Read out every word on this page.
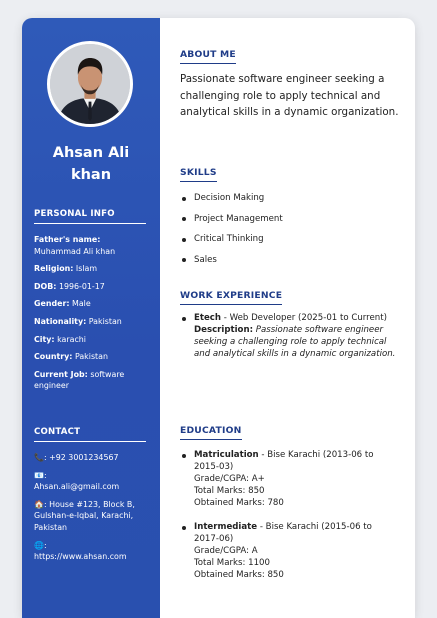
Ahsan Ali khan
PERSONAL INFO
Father's name:
Muhammad Ali khan
Religion: Islam
DOB: 1996-01-17
Gender: Male
Nationality: Pakistan
City: karachi
Country: Pakistan
Current Job: software engineer
CONTACT
📞: +92 3001234567
📧:
Ahsan.ali@gmail.com
🏠: House #123, Block B, Gulshan-e-Iqbal, Karachi, Pakistan
🌐:
https://www.ahsan.com
ABOUT ME

Passionate software engineer seeking a challenging role to apply technical and analytical skills in a dynamic organization.

SKILLS
Decision Making
Project Management
Critical Thinking
Sales
WORK EXPERIENCE
Etech - Web Developer (2025-01 to Current)
Description: Passionate software engineer seeking a challenging role to apply technical and analytical skills in a dynamic organization.
EDUCATION
Matriculation - Bise Karachi (2013-06 to 2015-03)
Grade/CGPA: A+
Total Marks: 850
Obtained Marks: 780
Intermediate - Bise Karachi (2015-06 to 2017-06)
Grade/CGPA: A
Total Marks: 1100
Obtained Marks: 850
